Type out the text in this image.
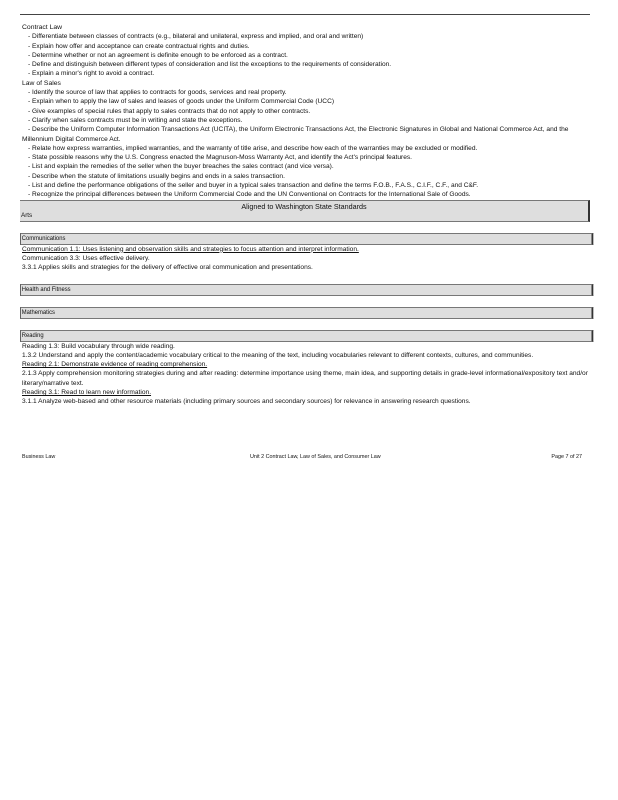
Contract Law
- Differentiate between classes of contracts (e.g., bilateral and unilateral, express and implied, and oral and written)
- Explain how offer and acceptance can create contractual rights and duties.
- Determine whether or not an agreement is definite enough to be enforced as a contract.
- Define and distinguish between different types of consideration and list the exceptions to the requirements of consideration.
- Explain a minor's right to avoid a contract.
Law of Sales
- Identify the source of law that applies to contracts for goods, services and real property.
- Explain when to apply the law of sales and leases of goods under the Uniform Commercial Code (UCC)
- Give examples of special rules that apply to sales contracts that do not apply to other contracts.
- Clarify when sales contracts must be in writing and state the exceptions.
- Describe the Uniform Computer Information Transactions Act (UCITA), the Uniform Electronic Transactions Act, the Electronic Signatures in Global and National Commerce Act, and the Millennium Digital Commerce Act.
- Relate how express warranties, implied warranties, and the warranty of title arise, and describe how each of the warranties may be excluded or modified.
- State possible reasons why the U.S. Congress enacted the Magnuson-Moss Warranty Act, and identify the Act's principal features.
- List and explain the remedies of the seller when the buyer breaches the sales contract (and vice versa).
- Describe when the statute of limitations usually begins and ends in a sales transaction.
- List and define the performance obligations of the seller and buyer in a typical sales transaction and define the terms F.O.B., F.A.S., C.I.F., C.F., and C&F.
- Recognize the principal differences between the Uniform Commercial Code and the UN Conventional on Contracts for the International Sale of Goods.
Aligned to Washington State Standards
Arts
Communications
Communication 1.1: Uses listening and observation skills and strategies to focus attention and interpret information.
Communication 3.3: Uses effective delivery.
3.3.1 Applies skills and strategies for the delivery of effective oral communication and presentations.
Health and Fitness
Mathematics
Reading
Reading 1.3: Build vocabulary through wide reading.
1.3.2 Understand and apply the content/academic vocabulary critical to the meaning of the text, including vocabularies relevant to different contexts, cultures, and communities.
Reading 2.1: Demonstrate evidence of reading comprehension.
2.1.3 Apply comprehension monitoring strategies during and after reading: determine importance using theme, main idea, and supporting details in grade-level informational/expository text and/or literary/narrative text.
Reading 3.1: Read to learn new information.
3.1.1 Analyze web-based and other resource materials (including primary sources and secondary sources) for relevance in answering research questions.
Business Law	Unit 2 Contract Law, Law of Sales, and Consumer Law	Page 7 of 27
